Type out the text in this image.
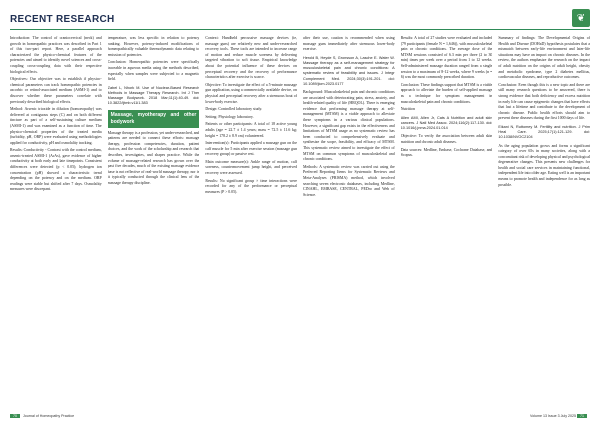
RECENT RESEARCH	❦

Introduction: The control of craniocervical (neck) and growth in homeopathic practices was described in Part 1 of this two-part report. Here, a parallel approach characterized the physico-chemical features of the potencies and aimed to identify novel sciences and cross-coupling cross-coupling data with their respective biological effects.

Objectives: Our objective was to establish if physico-chemical parameters can track homeopathic potencies in ascorbic or retinol-associated medium (ASMI-1) and to discover whether these parameters correlate with previously described biological effects.

Method: Arsenic trioxide in dilution (homoeopathy) was delivered at contiguous steps (C) and on both different tincture as part of a self-sustaining culture medium (ASMI-1) and was examined as a function of time. The physico-chemical properties of the treated media (turbidity, pH, ORP) were evaluated using methodologies applied for conductivity, pH and osmolality tracking.

Results: Conductivity - Contrast with the control medium, arsenic-treated ASMI-1 (ArAs), gave evidence of higher conductivity at both early and late timepoints. Consistent differences were detected (p < 0.05); hydrogen ion concentration (pH) showed a characteristic trend depending on the potency and on the medium. ORP readings were stable but shifted after 7 days. Osmolality measures were discrepant.

temperature, was less specific in relation to potency ranking. However, potency-induced modifications of homeopathically valuable thermodynamic data relating to emission of potencies.

Conclusion: Homeopathic potencies were specifically traceable in aqueous media using the methods described, especially when samples were subjected to a magnetic field.

Zabel L, Nhork M. Use of Nuclear-Based Research Methods in Massage Therapy Research. Int J Ther Massage Bodywork. 2018 Mar;11(1):40-49. doi: 10.3822/ijtmb.v11i1.383
Massage, myotherapy and other bodywork

Massage therapy is a profession, yet under-researched, and patterns are needed to connect these efforts: massage therapy, profession competencies, duration, patient choices, and the work of the scholarship and research that describes, investigates, and shapes practice. While the volume of massage-related research has grown over the past five decades, much of the existing massage evidence base is not reflective of real-world massage therapy, nor is it typically conducted through the clinical lens of the massage therapy discipline.

Context: Handheld percussive massage devices (ie, massage guns) are relatively new and under-researched recovery tools. These tools are intended to increase range of motion and reduce muscle soreness by delivering targeted vibration to soft tissue. Empirical knowledge about the potential influence of these devices on perceptual recovery and the recovery of performance characteristics after exercise is scarce.

Objective: To investigate the effect of a 5-minute massage gun application, using a commercially available device, on physical and perceptual recovery after a strenuous bout of lower-body exercise.

Design: Controlled laboratory study.

Setting: Physiology laboratory.

Patients or other participants: A total of 18 active young adults (age = 22.7 ± 1.4 years; mass = 72.5 ± 11.6 kg; height = 178.2 ± 8.9 cm) volunteered.

Intervention(s): Participants applied a massage gun on the calf muscle for 5 min after exercise session (massage gun recovery group) or passive rest.

Main outcome measure(s): Ankle range of motion, calf soreness, countermovement jump height, and perceived recovery were assessed.

Results: No significant group × time interactions were recorded for any of the performance or perceptual measures (P > 0.05).

after their use, caution is recommended when using massage guns immediately after strenuous lower-body exercise.

Herold B, Heyde S, Gronsson A, Lasche E. Water W. Massage therapy as a self-management strategy for musculoskeletal pain and chronic conditions: A systematic review of feasibility and issues. J Integr Complement Med. 2024;30(3):191-201. doi: 10.1089/jicm.2023.0177

Background: Musculoskeletal pain and chronic conditions are associated with deteriorating pain, stress, anxiety, and health-related quality of life (HRQOL). There is emerging evidence that performing massage therapy at self-management (MTSM) is a viable approach to alleviate these symptoms in a various clinical populations. However, a significant gap exists in the effectiveness and limitations of MTSM usage as no systematic review has been conducted to comprehensively evaluate and synthesize the scope, feasibility, and efficacy of MTSM. This systematic review aimed to investigate the effect of MTSM on common symptoms of musculoskeletal and chronic conditions.

Methods: A systematic review was carried out using the Preferred Reporting Items for Systematic Reviews and Meta-Analyses (PRISMA) method, which involved searching seven electronic databases, including Medline, CINAHL, EMBASE, CENTRAL, PEDro and Web of Science.

Results: A total of 27 studies were evaluated and included (79 participants (female N = 1,646)), with musculoskeletal pain or chronic conditions. The average dose of the MTSM sessions consisted of 6.3 min per three (2 to 30 min) times per week over a period from 1 to 12 weeks. Self-administered massage duration ranged from a single session to a maximum of 8-12 weeks, where 9 weeks (n = 6) was the most commonly prescribed duration.

Conclusion: These findings support that MTSM is a viable approach to alleviate the burden of self-applied massage as a technique for symptom management in musculoskeletal pain and chronic conditions.

Nutrition

Allen AMI, Allen Jr, Cats A Nutrition and adult skin cancers. J Natl Med Assoc. 2024;116(2):117-130. doi: 10.1016/j.jnma.2024.01.014

Objective: To verify the association between adult skin nutrition and chronic adult diseases.

Data sources: Medline, Embase, Cochrane Database, and Scopus.

Summary of findings: The Developmental Origins of Health and Disease (DOHaD) hypothesis postulates that a mismatch between early-life environment and later-life situations may have an impact on chronic diseases. In the review, the authors emphasize the research on the impact of adult nutrition on the origins of adult height, obesity and metabolic syndrome, type 2 diabetes mellitus, cardiovascular diseases, and reproductive outcomes.

Conclusion: Even though this is a new topic and there are still many research questions to be answered, there is strong evidence that both deficiency and excess nutrition in early life can cause epigenetic changes that have effects that last a lifetime and contribute to the development of chronic disease. Public health efforts should aim to prevent these diseases during the first 1000 days of life.

Eikani N, Ruttomey M. Fertility and nutrition. J Prim Heal Care. 2025;17(1):121-129. doi: 10.1038/NVOC2104

As the aging population grows and forms a significant category of over 65s in many societies, along with a concomitant risk of developing physical and psychological degenerative changes. This presents new challenges for health and social care services in maintaining functional, independent life into older age. Eating well is an important means to promote health and independence for as long as possible.

70 Journal of Homeopathy Practice	Volume 13 Issue 3 July 2025 71
